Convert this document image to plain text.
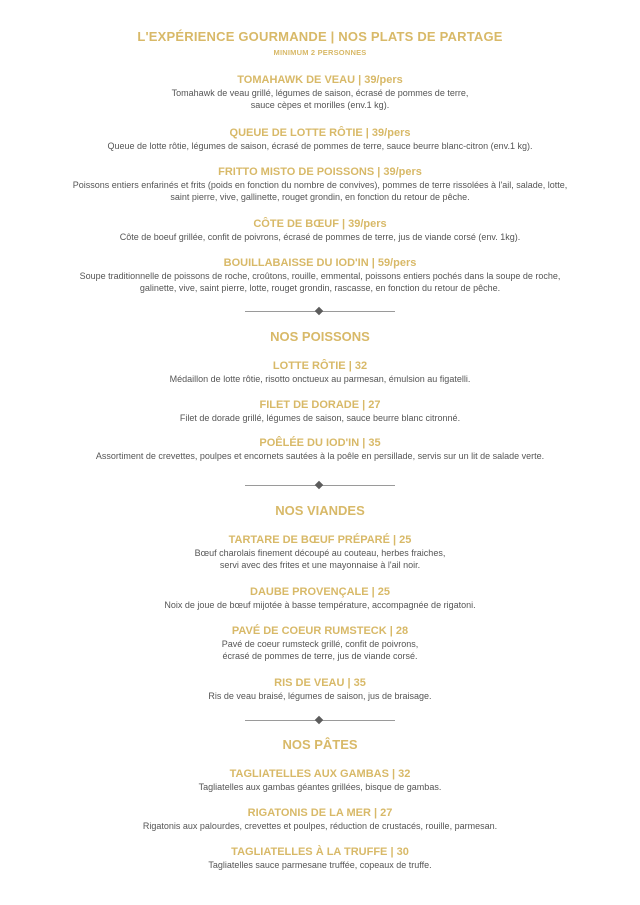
L'EXPÉRIENCE GOURMANDE | NOS PLATS DE PARTAGE
MINIMUM 2 PERSONNES
TOMAHAWK DE VEAU | 39/pers
Tomahawk de veau grillé, légumes de saison, écrasé de pommes de terre,
sauce cèpes et morilles (env.1 kg).
QUEUE DE LOTTE RÔTIE | 39/pers
Queue de lotte rôtie, légumes de saison, écrasé de pommes de terre, sauce beurre blanc-citron (env.1 kg).
FRITTO MISTO DE POISSONS | 39/pers
Poissons entiers enfarinés et frits (poids en fonction du nombre de convives), pommes de terre rissolées à l'ail, salade, lotte,
saint pierre, vive, gallinette, rouget grondin, en fonction du retour de pêche.
CÔTE DE BŒUF | 39/pers
Côte de boeuf grillée, confit de poivrons, écrasé de pommes de terre, jus de viande corsé (env. 1kg).
BOUILLABAISSE DU IOD'IN | 59/pers
Soupe traditionnelle de poissons de roche, croûtons, rouille, emmental, poissons entiers pochés dans la soupe de roche,
galinette, vive, saint pierre, lotte, rouget grondin, rascasse, en fonction du retour de pêche.
NOS POISSONS
LOTTE RÔTIE | 32
Médaillon de lotte rôtie, risotto onctueux au parmesan, émulsion au figatelli.
FILET DE DORADE | 27
Filet de dorade grillé, légumes de saison, sauce beurre blanc citronné.
POÊLÉE DU IOD'IN | 35
Assortiment de crevettes, poulpes et encornets sautées à la poêle en persillade, servis sur un lit de salade verte.
NOS VIANDES
TARTARE DE BŒUF PRÉPARÉ | 25
Bœuf charolais finement découpé au couteau, herbes fraiches,
servi avec des frites et une mayonnaise à l'ail noir.
DAUBE PROVENÇALE | 25
Noix de joue de bœuf mijotée à basse température, accompagnée de rigatoni.
PAVÉ DE COEUR RUMSTECK | 28
Pavé de coeur rumsteck grillé, confit de poivrons,
écrasé de pommes de terre, jus de viande corsé.
RIS DE VEAU | 35
Ris de veau braisé, légumes de saison, jus de braisage.
NOS PÂTES
TAGLIATELLES AUX GAMBAS | 32
Tagliatelles aux gambas géantes grillées, bisque de gambas.
RIGATONIS DE LA MER | 27
Rigatonis aux palourdes, crevettes et poulpes, réduction de crustacés, rouille, parmesan.
TAGLIATELLES À LA TRUFFE | 30
Tagliatelles sauce parmesane truffée, copeaux de truffe.
